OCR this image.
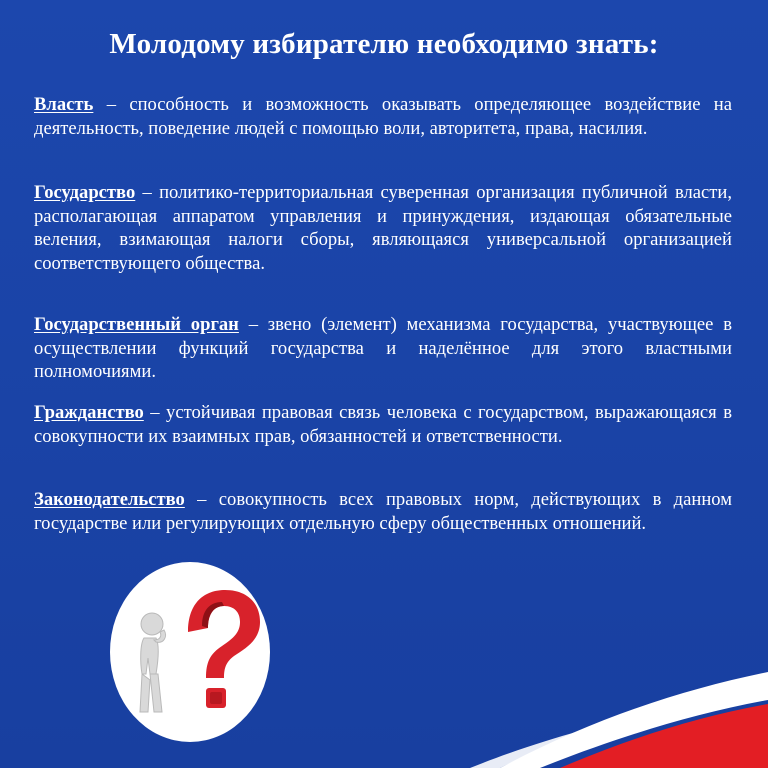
Молодому избирателю необходимо знать:

Власть – способность и возможность оказывать определяющее воздействие на деятельность, поведение людей с помощью воли, авторитета, права, насилия.

Государство – политико-территориальная суверенная организация публичной власти, располагающая аппаратом управления и принуждения, издающая обязательные веления, взимающая налоги сборы, являющаяся универсальной организацией соответствующего общества.

Государственный орган – звено (элемент) механизма государства, участвующее в осуществлении функций государства и наделённое для этого властными полномочиями.

Гражданство – устойчивая правовая связь человека с государством, выражающаяся в совокупности их взаимных прав, обязанностей и ответственности.

Законодательство – совокупность всех правовых норм, действующих в данном государстве или регулирующих отдельную сферу общественных отношений.
